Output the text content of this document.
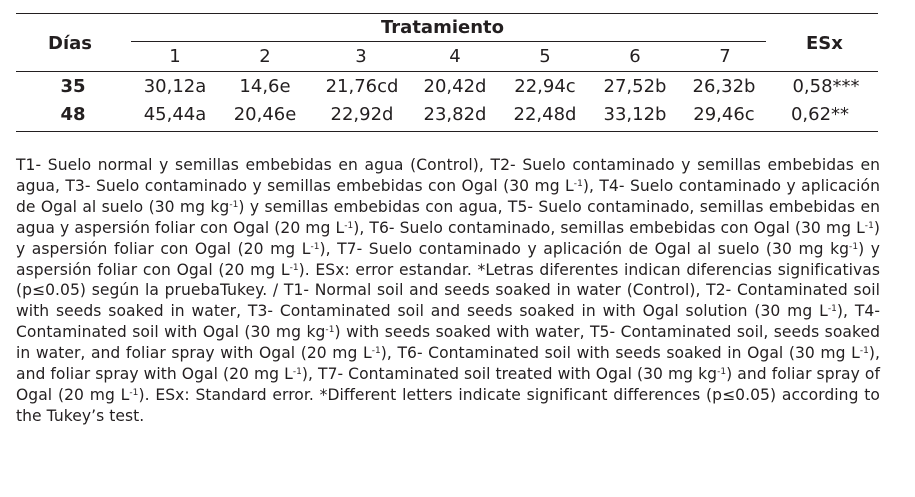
Días
Tratamiento
ESx
1	2	3	4	5	6	7
35	30,12a	14,6e	21,76cd	20,42d	22,94c	27,52b	26,32b	0,58***
48	45,44a	20,46e	22,92d	23,82d	22,48d	33,12b	29,46c	0,62**
T1- Suelo normal y semillas embebidas en agua (Control), T2- Suelo contaminado y semillas embebidas en agua, T3- Suelo contaminado y semillas embebidas con Ogal (30 mg $L^{-1}$), T4- Suelo contaminado y aplicación de Ogal al suelo (30 mg $kg^{-1}$) y semillas embebidas con agua, T5- Suelo contaminado, semillas embebidas en agua y aspersión foliar con Ogal (20 mg $L^{-1}$), T6- Suelo contaminado, semillas embebidas con Ogal (30 mg $L^{-1}$) y aspersión foliar con Ogal (20 mg $L^{-1}$), T7- Suelo contaminado y aplicación de Ogal al suelo (30 mg $kg^{-1}$) y aspersión foliar con Ogal (20 mg $L^{-1}$). ESx: error estandar. *Letras diferentes indican diferencias significativas (p≤0.05) según la pruebaTukey. / T1- Normal soil and seeds soaked in water (Control), T2- Contaminated soil with seeds soaked in water, T3- Contaminated soil and seeds soaked in with Ogal solution (30 mg $L^{-1}$), T4- Contaminated soil with Ogal (30 mg $kg^{-1}$) with seeds soaked with water, T5- Contaminated soil, seeds soaked in water, and foliar spray with Ogal (20 mg $L^{-1}$), T6- Contaminated soil with seeds soaked in Ogal (30 mg $L^{-1}$), and foliar spray with Ogal (20 mg $L^{-1}$), T7- Contaminated soil treated with Ogal (30 mg $kg^{-1}$) and foliar spray of Ogal (20 mg $L^{-1}$). ESx: Standard error. *Different letters indicate significant differences (p≤0.05) according to the Tukey’s test.
